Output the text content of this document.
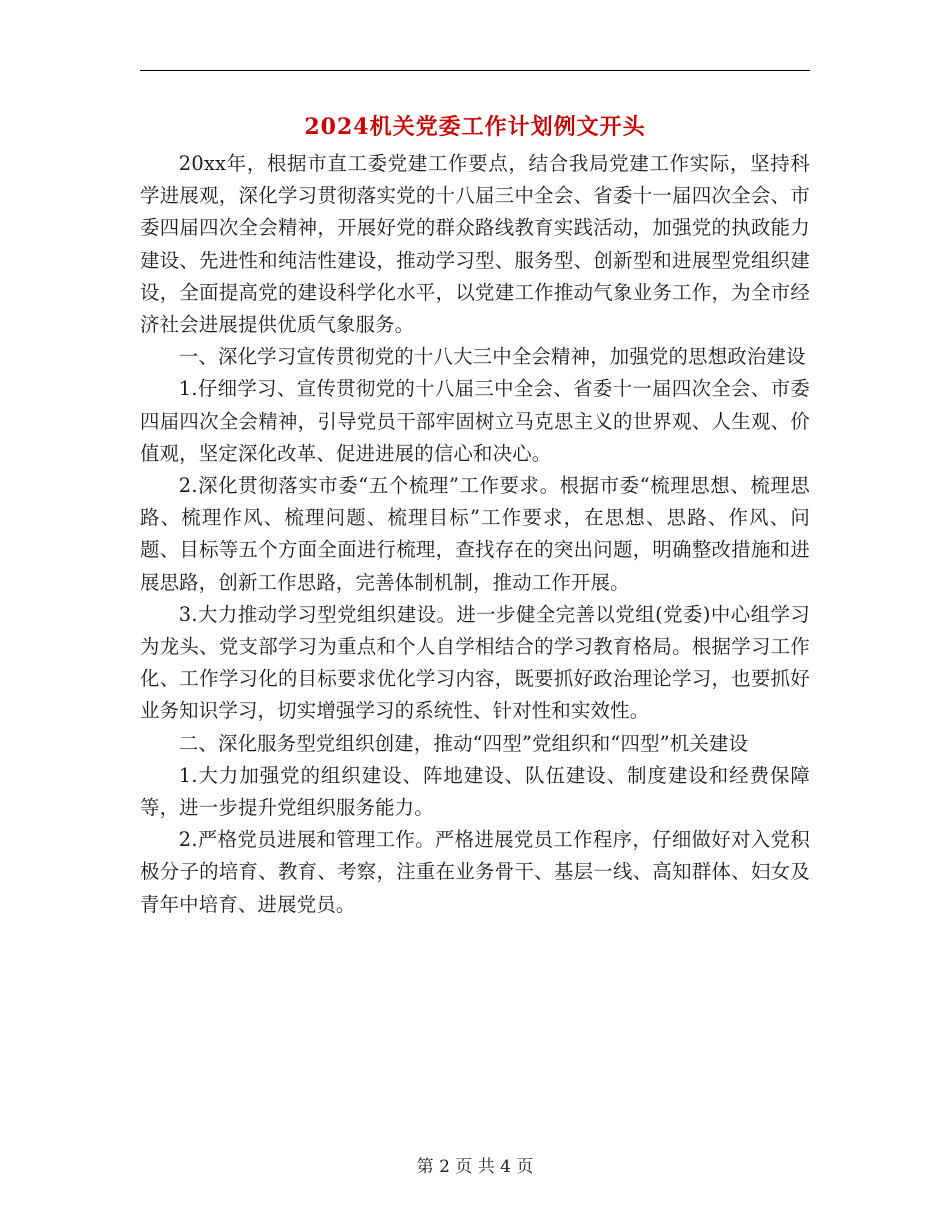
2024机关党委工作计划例文开头

20xx年，根据市直工委党建工作要点，结合我局党建工作实际，坚持科学进展观，深化学习贯彻落实党的十八届三中全会、省委十一届四次全会、市委四届四次全会精神，开展好党的群众路线教育实践活动，加强党的执政能力建设、先进性和纯洁性建设，推动学习型、服务型、创新型和进展型党组织建设，全面提高党的建设科学化水平，以党建工作推动气象业务工作，为全市经济社会进展提供优质气象服务。

一、深化学习宣传贯彻党的十八大三中全会精神，加强党的思想政治建设

1.仔细学习、宣传贯彻党的十八届三中全会、省委十一届四次全会、市委四届四次全会精神，引导党员干部牢固树立马克思主义的世界观、人生观、价值观，坚定深化改革、促进进展的信心和决心。

2.深化贯彻落实市委“五个梳理”工作要求。根据市委“梳理思想、梳理思路、梳理作风、梳理问题、梳理目标”工作要求，在思想、思路、作风、问题、目标等五个方面全面进行梳理，查找存在的突出问题，明确整改措施和进展思路，创新工作思路，完善体制机制，推动工作开展。

3.大力推动学习型党组织建设。进一步健全完善以党组(党委)中心组学习为龙头、党支部学习为重点和个人自学相结合的学习教育格局。根据学习工作化、工作学习化的目标要求优化学习内容，既要抓好政治理论学习，也要抓好业务知识学习，切实增强学习的系统性、针对性和实效性。

二、深化服务型党组织创建，推动“四型”党组织和“四型”机关建设

1.大力加强党的组织建设、阵地建设、队伍建设、制度建设和经费保障等，进一步提升党组织服务能力。

2.严格党员进展和管理工作。严格进展党员工作程序，仔细做好对入党积极分子的培育、教育、考察，注重在业务骨干、基层一线、高知群体、妇女及青年中培育、进展党员。

第 2 页 共 4 页
